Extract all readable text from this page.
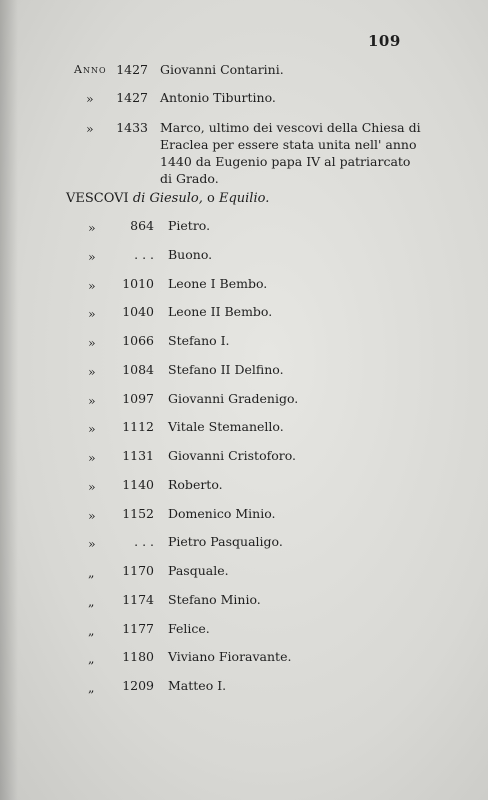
109
Anno 1427 Giovanni Contarini.
»	1427 Antonio Tiburtino.
»	1433 Marco, ultimo dei vescovi della Chiesa di
Eraclea per essere stata unita nell' anno
1440 da Eugenio papa IV al patriarcato
di Grado.
VESCOVI di Giesulo, o Equilio.
»	864 Pietro.
»	. . . Buono.
»	1010 Leone I Bembo.
»	1040 Leone II Bembo.
»	1066 Stefano I.
»	1084 Stefano II Delfino.
»	1097 Giovanni Gradenigo.
»	1112 Vitale Stemanello.
»	1131 Giovanni Cristoforo.
»	1140 Roberto.
»	1152 Domenico Minio.
»	. . . Pietro Pasqualigo.
„	1170 Pasquale.
„	1174 Stefano Minio.
„	1177 Felice.
„	1180 Viviano Fioravante.
„	1209 Matteo I.
